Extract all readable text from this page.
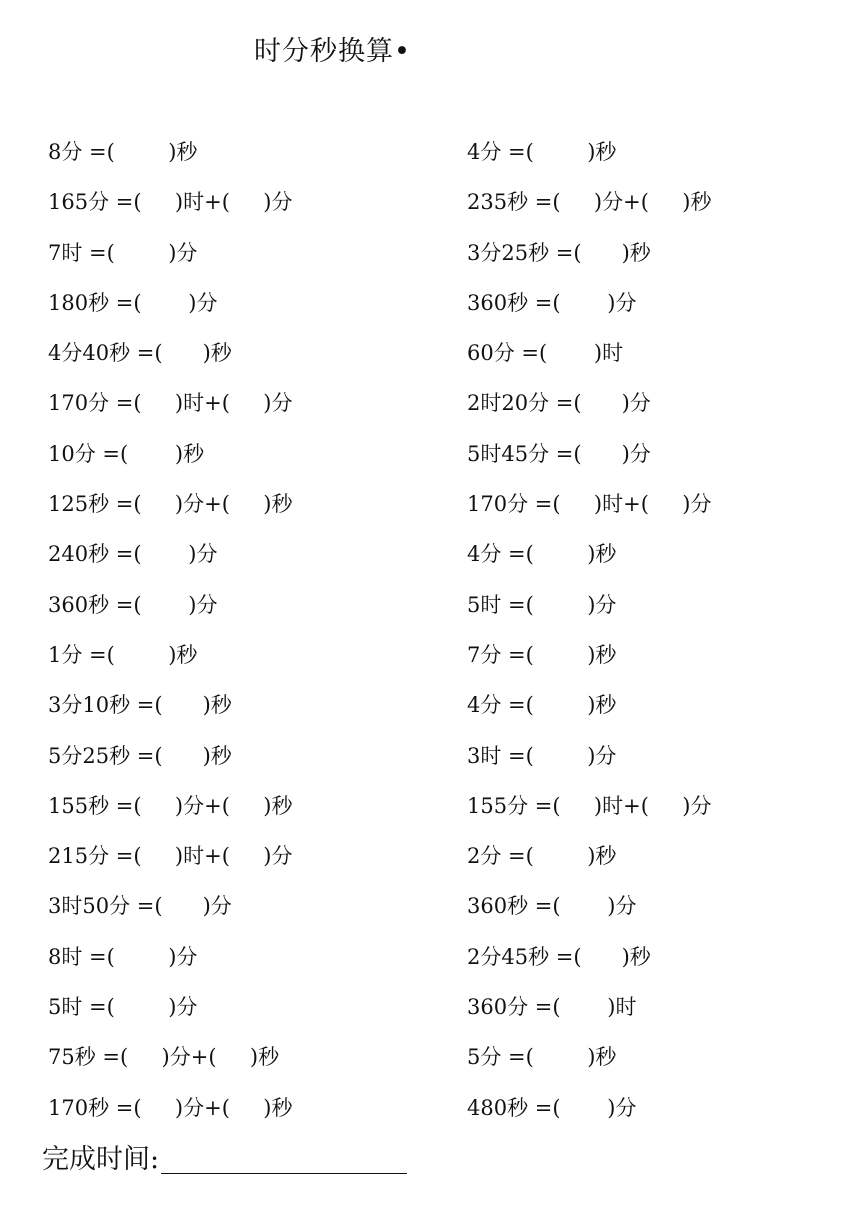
时分秒换算•
8分 =(        )秒	4分 =(        )秒
165分 =(     )时+(     )分	235秒 =(     )分+(     )秒
7时 =(        )分	3分25秒 =(      )秒
180秒 =(       )分	360秒 =(       )分
4分40秒 =(      )秒	60分 =(       )时
170分 =(     )时+(     )分	2时20分 =(      )分
10分 =(       )秒	5时45分 =(      )分
125秒 =(     )分+(     )秒	170分 =(     )时+(     )分
240秒 =(       )分	4分 =(        )秒
360秒 =(       )分	5时 =(        )分
1分 =(        )秒	7分 =(        )秒
3分10秒 =(      )秒	4分 =(        )秒
5分25秒 =(      )秒	3时 =(        )分
155秒 =(     )分+(     )秒	155分 =(     )时+(     )分
215分 =(     )时+(     )分	2分 =(        )秒
3时50分 =(      )分	360秒 =(       )分
8时 =(        )分	2分45秒 =(      )秒
5时 =(        )分	360分 =(       )时
75秒 =(     )分+(     )秒	5分 =(        )秒
170秒 =(     )分+(     )秒	480秒 =(       )分
完成时间:
